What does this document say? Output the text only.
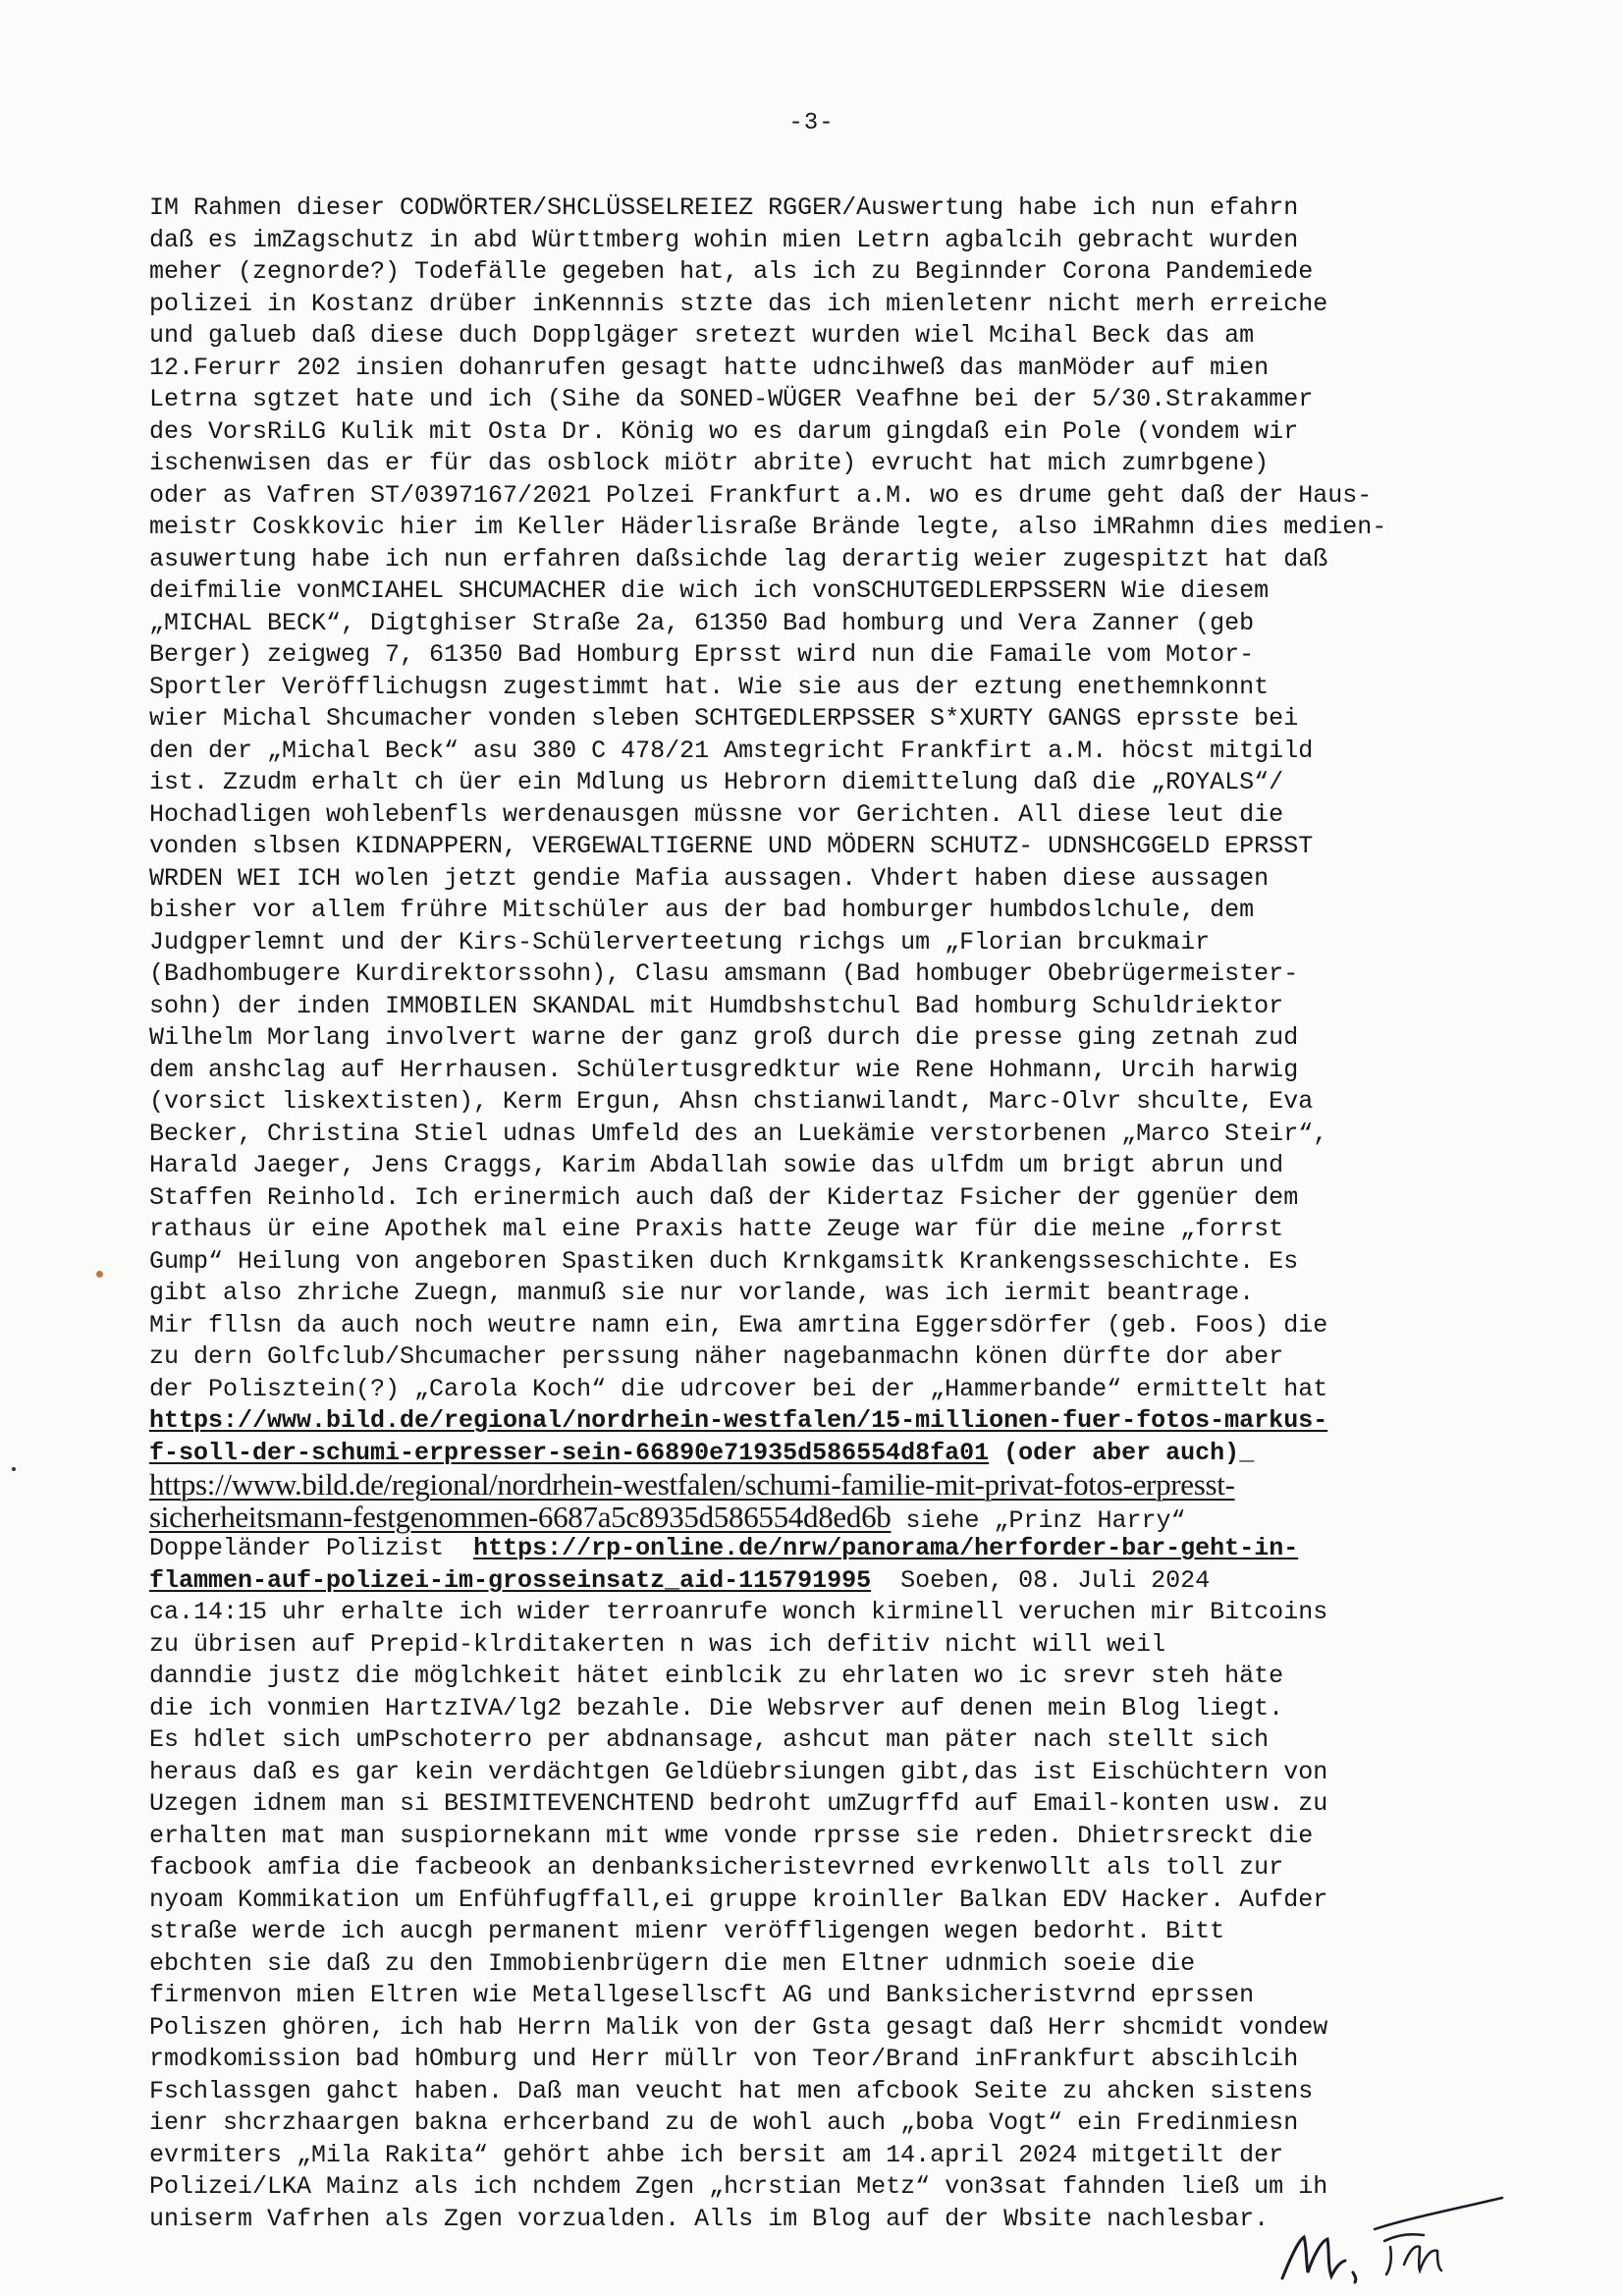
-3-
IM Rahmen dieser CODWÖRTER/SHCLÜSSELREIEZ RGGER/Auswertung habe ich nun efahrn
daß es imZagschutz in abd Württmberg wohin mien Letrn agbalcih gebracht wurden
meher (zegnorde?) Todefälle gegeben hat, als ich zu Beginnder Corona Pandemiede
polizei in Kostanz drüber inKennnis stzte das ich mienletenr nicht merh erreiche
und galueb daß diese duch Dopplgäger sretezt wurden wiel Mcihal Beck das am
12.Ferurr 202 insien dohanrufen gesagt hatte udncihweß das manMöder auf mien
Letrna sgtzet hate und ich (Sihe da SONED-WÜGER Veafhne bei der 5/30.Strakammer
des VorsRiLG Kulik mit Osta Dr. König wo es darum gingdaß ein Pole (vondem wir
ischenwisen das er für das osblock miötr abrite) evrucht hat mich zumrbgene)
oder as Vafren ST/0397167/2021 Polzei Frankfurt a.M. wo es drume geht daß der Haus-
meistr Coskkovic hier im Keller Häderlisraße Brände legte, also iMRahmn dies medien-
asuwertung habe ich nun erfahren daßsichde lag derartig weier zugespitzt hat daß
deifmilie vonMCIAHEL SHCUMACHER die wich ich vonSCHUTGEDLERPSSERN Wie diesem
„MICHAL BECK“, Digtghiser Straße 2a, 61350 Bad homburg und Vera Zanner (geb
Berger) zeigweg 7, 61350 Bad Homburg Eprsst wird nun die Famaile vom Motor-
Sportler Veröfflichugsn zugestimmt hat. Wie sie aus der eztung enethemnkonnt
wier Michal Shcumacher vonden sleben SCHTGEDLERPSSER S*XURTY GANGS eprsste bei
den der „Michal Beck“ asu 380 C 478/21 Amstegricht Frankfirt a.M. höcst mitgild
ist. Zzudm erhalt ch üer ein Mdlung us Hebrorn diemittelung daß die „ROYALS“/
Hochadligen wohlebenfls werdenausgen müssne vor Gerichten. All diese leut die
vonden slbsen KIDNAPPERN, VERGEWALTIGERNE UND MÖDERN SCHUTZ- UDNSHCGGELD EPRSST
WRDEN WEI ICH wolen jetzt gendie Mafia aussagen. Vhdert haben diese aussagen
bisher vor allem frühre Mitschüler aus der bad homburger humbdoslchule, dem
Judgperlemnt und der Kirs-Schülerverteetung richgs um „Florian brcukmair
(Badhombugere Kurdirektorssohn), Clasu amsmann (Bad hombuger Obebrügermeister-
sohn) der inden IMMOBILEN SKANDAL mit Humdbshstchul Bad homburg Schuldriektor
Wilhelm Morlang involvert warne der ganz groß durch die presse ging zetnah zud
dem anshclag auf Herrhausen. Schülertusgredktur wie Rene Hohmann, Urcih harwig
(vorsict liskextisten), Kerm Ergun, Ahsn chstianwilandt, Marc-Olvr shculte, Eva
Becker, Christina Stiel udnas Umfeld des an Luekämie verstorbenen „Marco Steir“,
Harald Jaeger, Jens Craggs, Karim Abdallah sowie das ulfdm um brigt abrun und
Staffen Reinhold. Ich erinermich auch daß der Kidertaz Fsicher der ggenüer dem
rathaus ür eine Apothek mal eine Praxis hatte Zeuge war für die meine „forrst
Gump“ Heilung von angeboren Spastiken duch Krnkgamsitk Krankengsseschichte. Es
gibt also zhriche Zuegn, manmuß sie nur vorlande, was ich iermit beantrage.
Mir fllsn da auch noch weutre namn ein, Ewa amrtina Eggersdörfer (geb. Foos) die
zu dern Golfclub/Shcumacher perssung näher nagebanmachn könen dürfte dor aber
der Polisztein(?) „Carola Koch“ die udrcover bei der „Hammerbande“ ermittelt hat
https://www.bild.de/regional/nordrhein-westfalen/15-millionen-fuer-fotos-markus-
f-soll-der-schumi-erpresser-sein-66890e71935d586554d8fa01 (oder aber auch)_
https://www.bild.de/regional/nordrhein-westfalen/schumi-familie-mit-privat-fotos-erpresst-
sicherheitsmann-festgenommen-6687a5c8935d586554d8ed6b siehe „Prinz Harry“
Doppeländer Polizist  https://rp-online.de/nrw/panorama/herforder-bar-geht-in-
flammen-auf-polizei-im-grosseinsatz_aid-115791995  Soeben, 08. Juli 2024
ca.14:15 uhr erhalte ich wider terroanrufe wonch kirminell veruchen mir Bitcoins
zu übrisen auf Prepid-klrditakerten n was ich defitiv nicht will weil
danndie justz die möglchkeit hätet einblcik zu ehrlaten wo ic srevr steh häte
die ich vonmien HartzIVA/lg2 bezahle. Die Websrver auf denen mein Blog liegt.
Es hdlet sich umPschoterro per abdnansage, ashcut man päter nach stellt sich
heraus daß es gar kein verdächtgen Geldüebrsiungen gibt,das ist Eischüchtern von
Uzegen idnem man si BESIMITEVENCHTEND bedroht umZugrffd auf Email-konten usw. zu
erhalten mat man suspiornekann mit wme vonde rprsse sie reden. Dhietrsreckt die
facbook amfia die facbeook an denbanksicheristevrned evrkenwollt als toll zur
nyoam Kommikation um Enfühfugffall,ei gruppe kroinller Balkan EDV Hacker. Aufder
straße werde ich aucgh permanent mienr veröffligengen wegen bedorht. Bitt
ebchten sie daß zu den Immobienbrügern die men Eltner udnmich soeie die
firmenvon mien Eltren wie Metallgesellscft AG und Banksicheristvrnd eprssen
Poliszen ghören, ich hab Herrn Malik von der Gsta gesagt daß Herr shcmidt vondew
rmodkomission bad hOmburg und Herr müllr von Teor/Brand inFrankfurt abscihlcih
Fschlassgen gahct haben. Daß man veucht hat men afcbook Seite zu ahcken sistens
ienr shcrzhaargen bakna erhcerband zu de wohl auch „boba Vogt“ ein Fredinmiesn
evrmiters „Mila Rakita“ gehört ahbe ich bersit am 14.april 2024 mitgetilt der
Polizei/LKA Mainz als ich nchdem Zgen „hcrstian Metz“ von3sat fahnden ließ um ih
uniserm Vafrhen als Zgen vorzualden. Alls im Blog auf der Wbsite nachlesbar.
